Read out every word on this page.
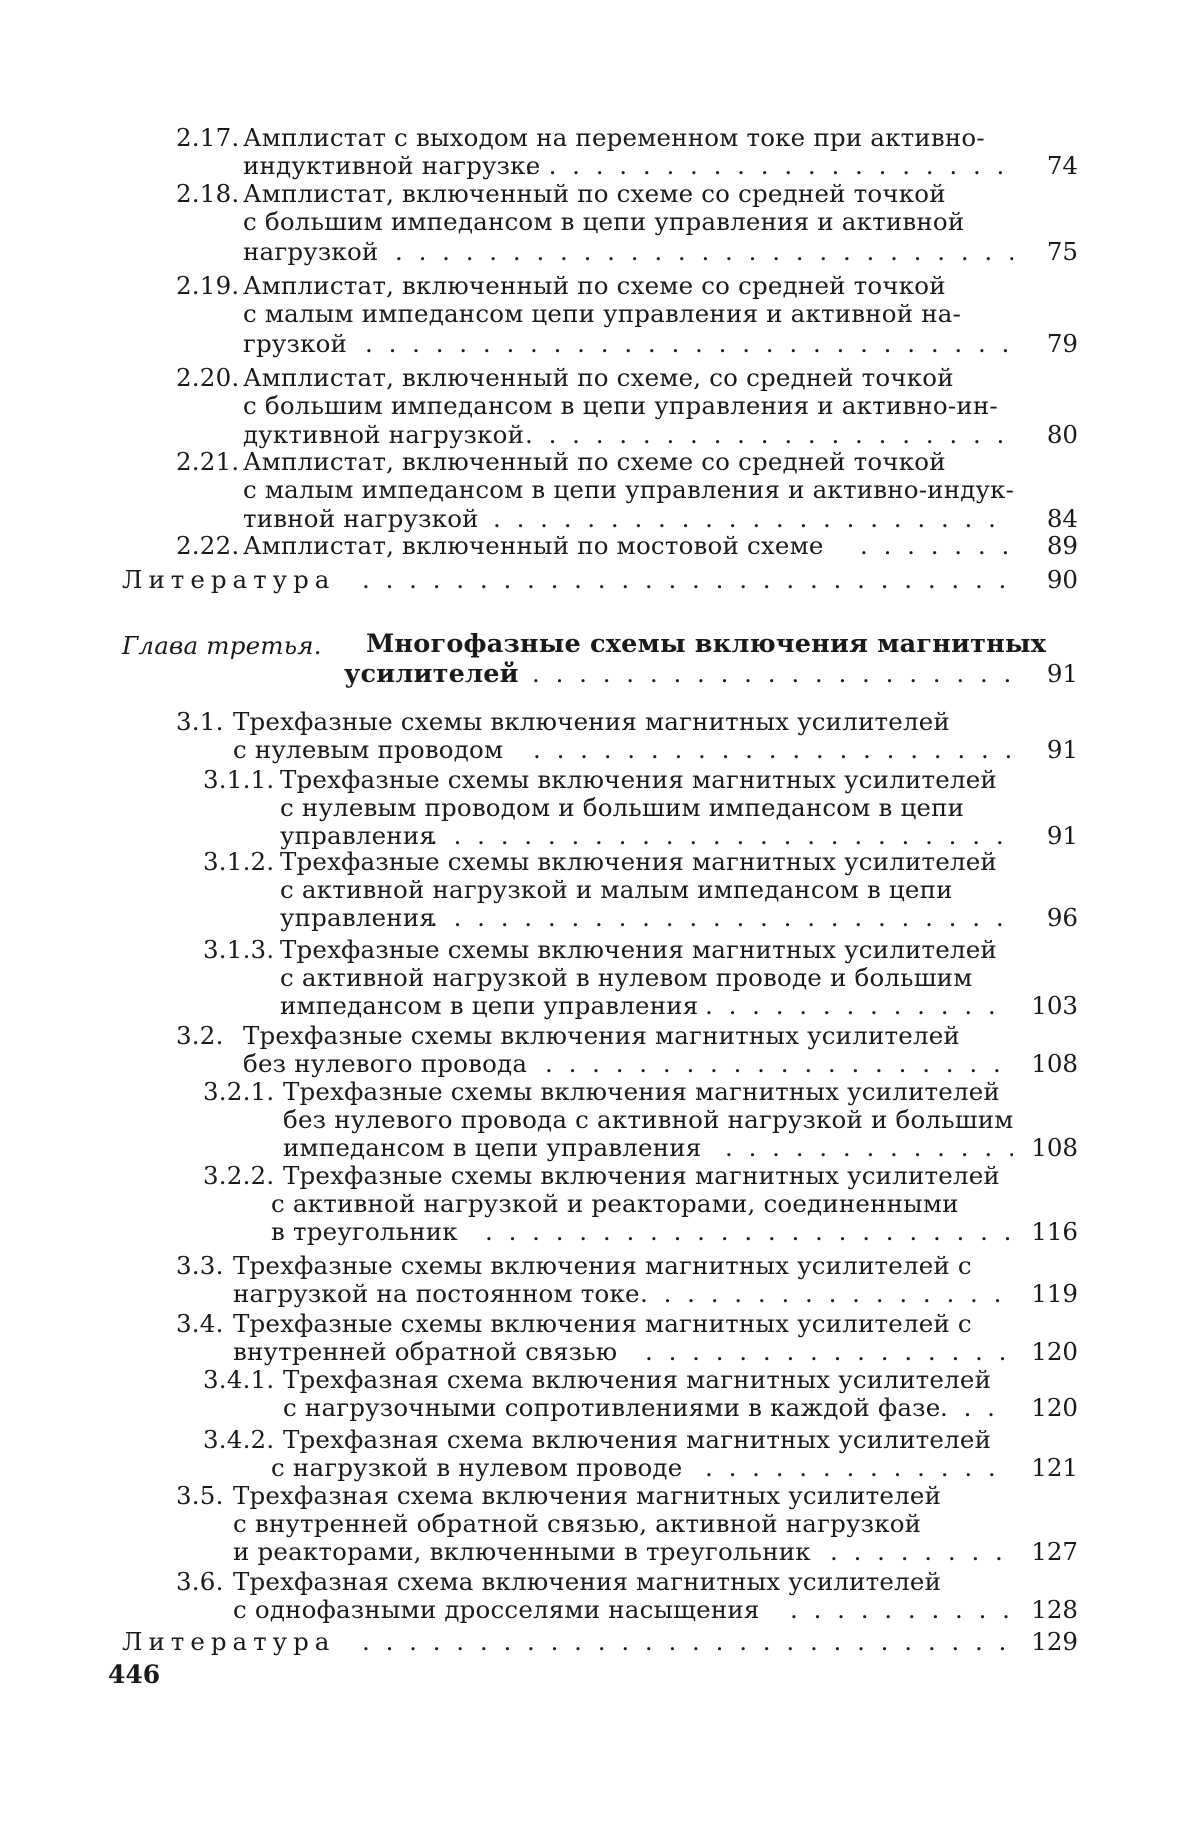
2.17. Амплистат с выходом на переменном токе при активно-
индуктивной нагрузке
. . . . . . . . . . . . . . . . . . . . . 74
2.18. Амплистат, включенный по схеме со средней точкой
с большим импедансом в цепи управления и активной
нагрузкой . . . . . . . . . . . . . . . . . . . . . . . . . .	75
2.19. Амплистат, включенный по схеме со средней точкой
с малым импедансом цепи управления и активной на-
грузкой . . . . . . . . . . . . . . . . . . . . . . . . . . . . 79
2.20. Амплистат, включенный по схеме, со средней точкой
с большим импедансом в цепи управления и активно-ин-
дуктивной нагрузкой . . . . . . . . . . . . . . . . . . . . . 80
2.21. Амплистат, включенный по схеме со средней точкой
с малым импедансом в цепи управления и активно-индук-
тивной нагрузкой . . . . . . . . . . . . . . . . . . . . . .	84
2.22. Амплистат, включенный по мостовой схеме . . . . . . . 89
Литература . . . . . . . . . . . . . . . . . . . . . . . . . . . . 90
Глава третья. Многофазные схемы включения магнитных
усилителей . . . . . . . . . . . . . . . . . . . .	91
3.1. Трехфазные схемы включения магнитных усилителей
с нулевым проводом . . . . . . . . . . . . . . . . . . . .	91
3.1.1. Трехфазные схемы включения магнитных усилителей
с нулевым проводом и большим импедансом в цепи
управления
. . . . . . . . . . . . . . . . . . . . . . . . . 91
3.1.2. Трехфазные схемы включения магнитных усилителей
с активной нагрузкой и малым импедансом в цепи
управления
. . . . . . . . . . . . . . . . . . . . . . . . . 96
3.1.3. Трехфазные схемы включения магнитных усилителей
с активной нагрузкой в нулевом проводе и большим
импедансом в цепи управления . . . . . . . . . . . . .	103
3.2. Трехфазные схемы включения магнитных усилителей
без нулевого провода . . . . . . . . . . . . . . . . . . . .	108
3.2.1. Трехфазные схемы включения магнитных усилителей
без нулевого провода с активной нагрузкой и большим
импедансом в цепи управления . . . . . . . . . . . .	108
3.2.2. Трехфазные схемы включения магнитных усилителей
с активной нагрузкой и реакторами, соединенными
в треугольник . . . . . . . . . . . . . . . . . . . . . .	116
3.3. Трехфазные схемы включения магнитных усилителей с
нагрузкой на постоянном токе . . . . . . . . . . . . . . . .	119
3.4. Трехфазные схемы включения магнитных усилителей с
внутренней обратной связью . . . . . . . . . . . . . . . . 120
3.4.1. Трехфазная схема включения магнитных усилителей
с нагрузочными сопротивлениями в каждой фазе . . .	120
3.4.2. Трехфазная схема включения магнитных усилителей
с нагрузкой в нулевом проводе . . . . . . . . . . . . .	121
3.5. Трехфазная схема включения магнитных усилителей
с внутренней обратной связью, активной нагрузкой
и реакторами, включенными в треугольник . . . . . . . . 127
3.6. Трехфазная схема включения магнитных усилителей
с однофазными дросселями насыщения . . . . . . . . . . 128
Литература . . . . . . . . . . . . . . . . . . . . . . . . . . . . 129
446
